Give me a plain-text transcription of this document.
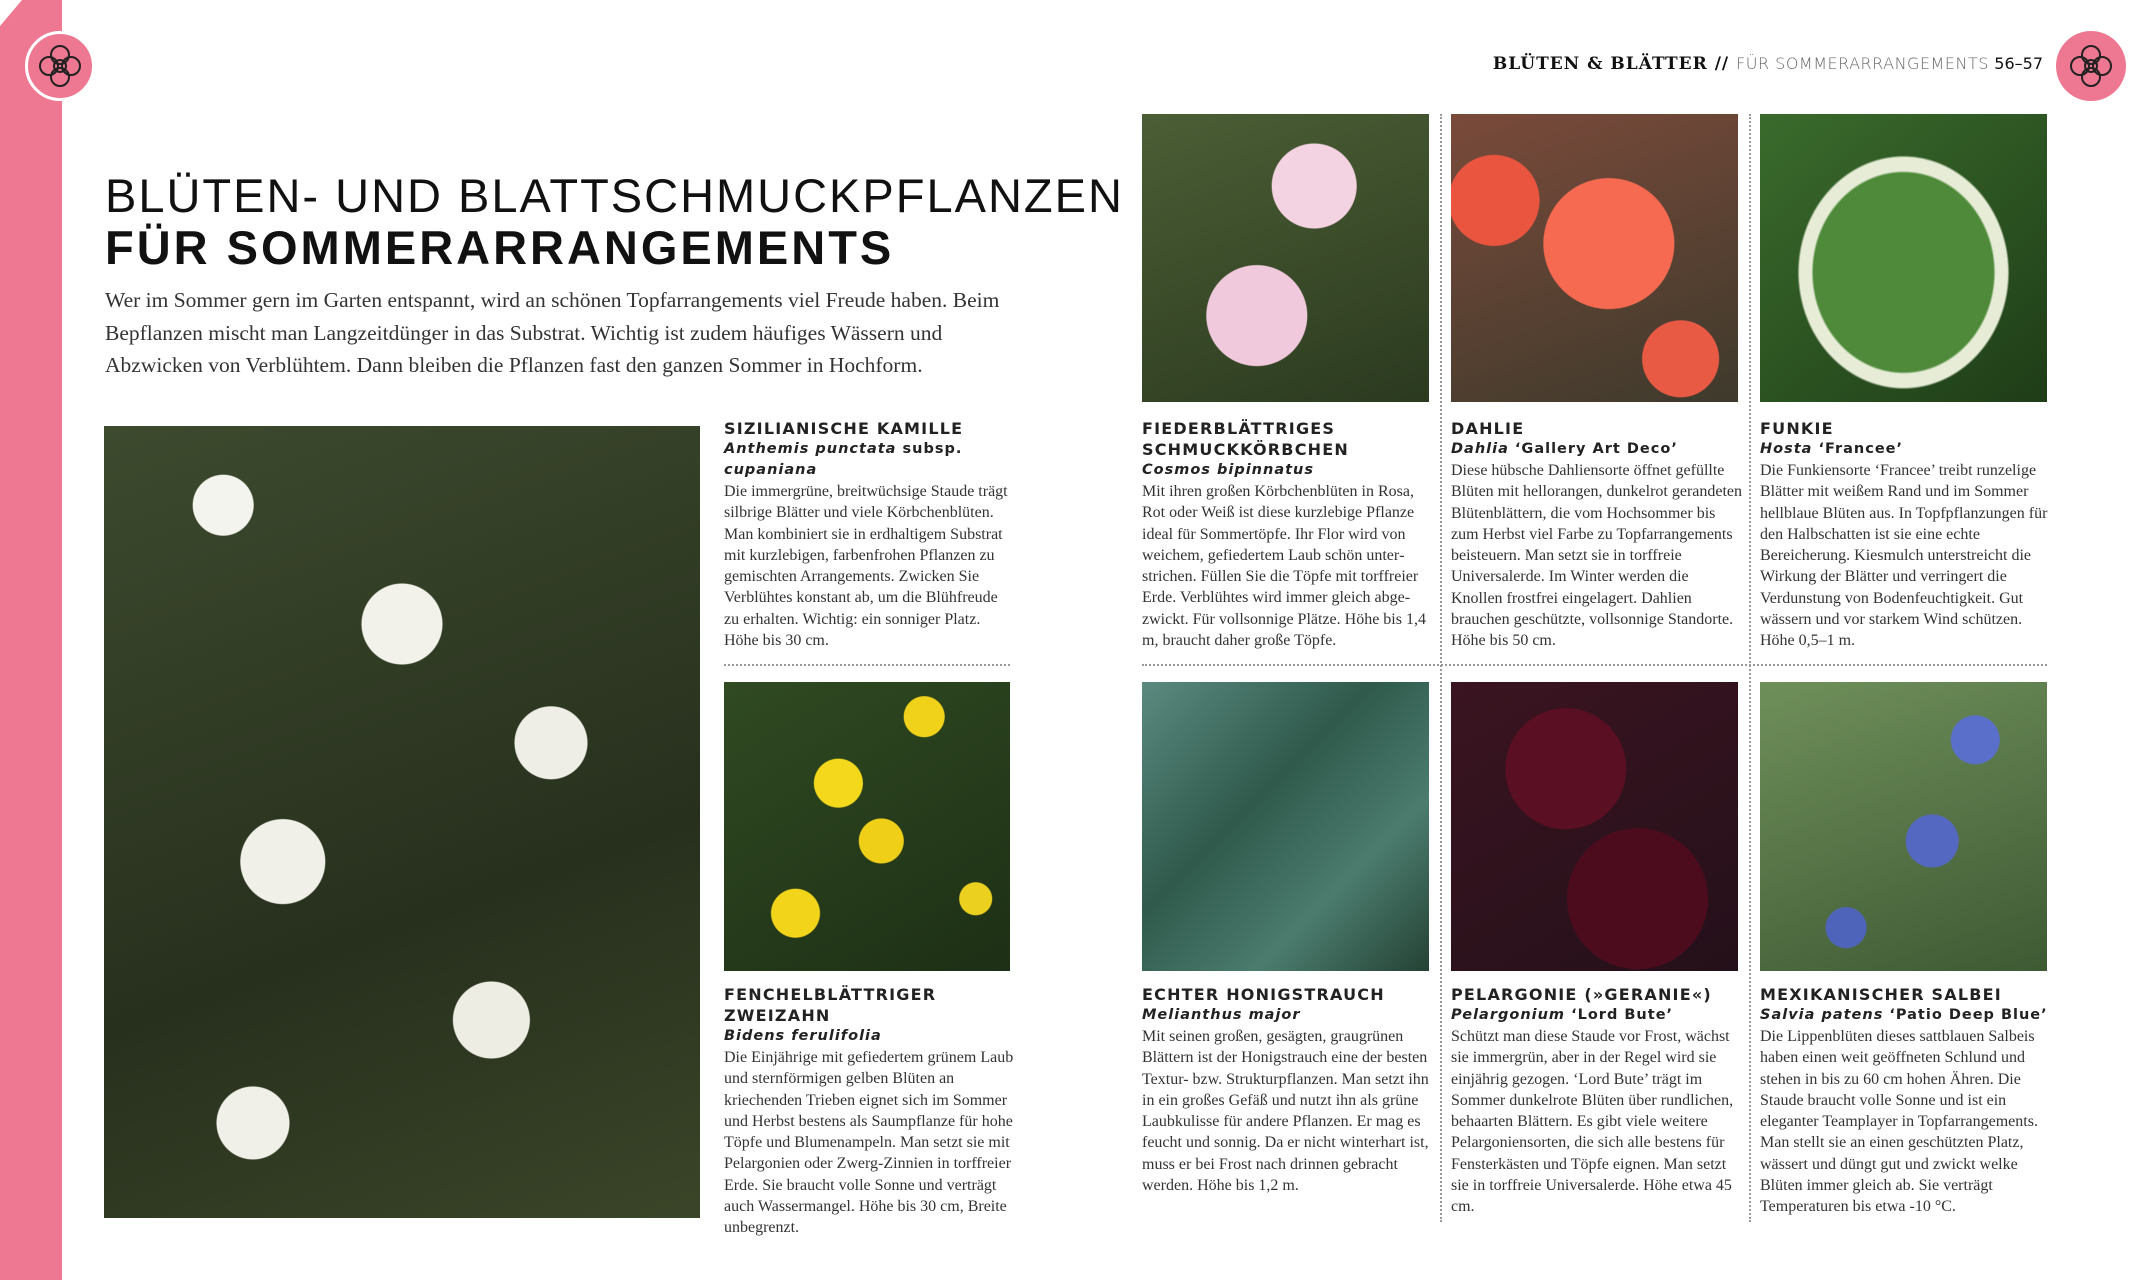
BLÜTEN & BLÄTTER // FÜR SOMMERARRANGEMENTS 56–57
BLÜTEN- UND BLATTSCHMUCKPFLANZEN
FÜR SOMMERARRANGEMENTS

Wer im Sommer gern im Garten entspannt, wird an schönen Topfarrangements viel Freude haben. Beim Bepflanzen mischt man Langzeitdünger in das Substrat. Wichtig ist zudem häufiges Wässern und Abzwicken von Verblühtem. Dann bleiben die Pflanzen fast den ganzen Sommer in Hochform.

SIZILIANISCHE KAMILLE
Anthemis punctata subsp.
cupaniana

Die immergrüne, breitwüchsige Staude trägt silbrige Blätter und viele Körbchenblüten. Man kombiniert sie in erdhaltigem Substrat mit kurzlebigen, farbenfrohen Pflanzen zu gemischten Arrangements. Zwicken Sie Verblühtes konstant ab, um die Blühfreude zu erhalten. Wichtig: ein sonniger Platz. Höhe bis 30 cm.

FENCHELBLÄTTRIGER ZWEIZAHN
Bidens ferulifolia

Die Einjährige mit gefiedertem grünem Laub und sternförmigen gelben Blüten an kriechenden Trieben eignet sich im Sommer und Herbst bestens als Saumpflanze für hohe Töpfe und Blumenampeln. Man setzt sie mit Pelargonien oder Zwerg-Zinnien in torffreier Erde. Sie braucht volle Sonne und verträgt auch Wassermangel. Höhe bis 30 cm, Breite unbegrenzt.

FIEDERBLÄTTRIGES SCHMUCKKÖRBCHEN
Cosmos bipinnatus

Mit ihren großen Körbchenblüten in Rosa, Rot oder Weiß ist diese kurzlebige Pflanze ideal für Sommertöpfe. Ihr Flor wird von weichem, gefiedertem Laub schön unterstrichen. Füllen Sie die Töpfe mit torffreier Erde. Verblühtes wird immer gleich abgezwickt. Für vollsonnige Plätze. Höhe bis 1,4 m, braucht daher große Töpfe.

DAHLIE
Dahlia ‘Gallery Art Deco’

Diese hübsche Dahliensorte öffnet gefüllte Blüten mit hellorangen, dunkelrot gerandeten Blütenblättern, die vom Hochsommer bis zum Herbst viel Farbe zu Topfarrangements beisteuern. Man setzt sie in torffreie Universalerde. Im Winter werden die Knollen frostfrei eingelagert. Dahlien brauchen geschützte, vollsonnige Standorte. Höhe bis 50 cm.

FUNKIE
Hosta ‘Francee’

Die Funkiensorte ‘Francee’ treibt runzelige Blätter mit weißem Rand und im Sommer hellblaue Blüten aus. In Topfpflanzungen für den Halbschatten ist sie eine echte Bereicherung. Kiesmulch unterstreicht die Wirkung der Blätter und verringert die Verdunstung von Bodenfeuchtigkeit. Gut wässern und vor starkem Wind schützen. Höhe 0,5–1 m.

ECHTER HONIGSTRAUCH
Melianthus major

Mit seinen großen, gesägten, graugrünen Blättern ist der Honigstrauch eine der besten Textur- bzw. Strukturpflanzen. Man setzt ihn in ein großes Gefäß und nutzt ihn als grüne Laubkulisse für andere Pflanzen. Er mag es feucht und sonnig. Da er nicht winterhart ist, muss er bei Frost nach drinnen gebracht werden. Höhe bis 1,2 m.

PELARGONIE (»GERANIE«)
Pelargonium ‘Lord Bute’

Schützt man diese Staude vor Frost, wächst sie immergrün, aber in der Regel wird sie einjährig gezogen. ‘Lord Bute’ trägt im Sommer dunkelrote Blüten über rundlichen, behaarten Blättern. Es gibt viele weitere Pelargoniensorten, die sich alle bestens für Fensterkästen und Töpfe eignen. Man setzt sie in torffreie Universalerde. Höhe etwa 45 cm.

MEXIKANISCHER SALBEI
Salvia patens ‘Patio Deep Blue’

Die Lippenblüten dieses sattblauen Salbeis haben einen weit geöffneten Schlund und stehen in bis zu 60 cm hohen Ähren. Die Staude braucht volle Sonne und ist ein eleganter Teamplayer in Topfarrangements. Man stellt sie an einen geschützten Platz, wässert und düngt gut und zwickt welke Blüten immer gleich ab. Sie verträgt Temperaturen bis etwa -10 °C.
